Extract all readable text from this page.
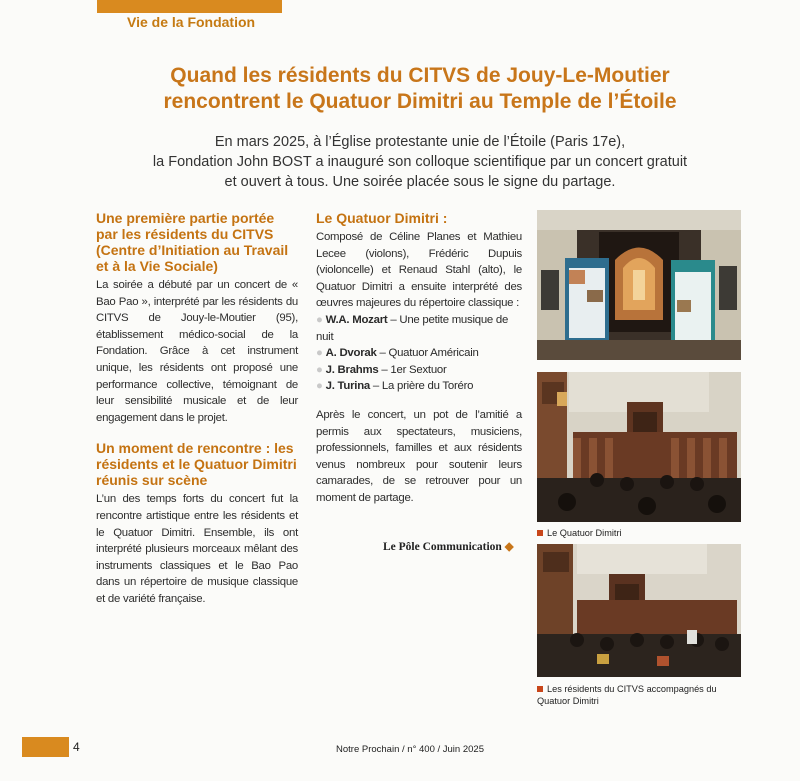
Vie de la Fondation
Quand les résidents du CITVS de Jouy-Le-Moutier
rencontrent le Quatuor Dimitri au Temple de l’Étoile
En mars 2025, à l’Église protestante unie de l’Étoile (Paris 17e),
la Fondation John BOST a inauguré son colloque scientifique par un concert gratuit
et ouvert à tous. Une soirée placée sous le signe du partage.
Une première partie portée par les résidents du CITVS (Centre d’Initiation au Travail et à la Vie Sociale)
La soirée a débuté par un concert de « Bao Pao », interprété par les résidents du CITVS de Jouy-le-Moutier (95), établissement médico-social de la Fondation. Grâce à cet instrument unique, les résidents ont proposé une performance collective, témoignant de leur sensibilité musicale et de leur engagement dans le projet.
Un moment de rencontre : les résidents et le Quatuor Dimitri réunis sur scène
L’un des temps forts du concert fut la rencontre artistique entre les résidents et le Quatuor Dimitri. Ensemble, ils ont interprété plusieurs morceaux mêlant des instruments classiques et le Bao Pao dans un répertoire de musique classique et de variété française.
Le Quatuor Dimitri :
Composé de Céline Planes et Mathieu Lecee (violons), Frédéric Dupuis (violoncelle) et Renaud Stahl (alto), le Quatuor Dimitri a ensuite interprété des œuvres majeures du répertoire classique :
● W.A. Mozart – Une petite musique de nuit
● A. Dvorak – Quatuor Américain
● J. Brahms – 1er Sextuor
● J. Turina – La prière du Toréro
Après le concert, un pot de l’amitié a permis aux spectateurs, musiciens, professionnels, familles et aux résidents venus nombreux pour soutenir leurs camarades, de se retrouver pour un moment de partage.
Le Pôle Communication ◆
Le Quatuor Dimitri
Les résidents du CITVS accompagnés du Quatuor Dimitri
4	Notre Prochain / n° 400 / Juin 2025
